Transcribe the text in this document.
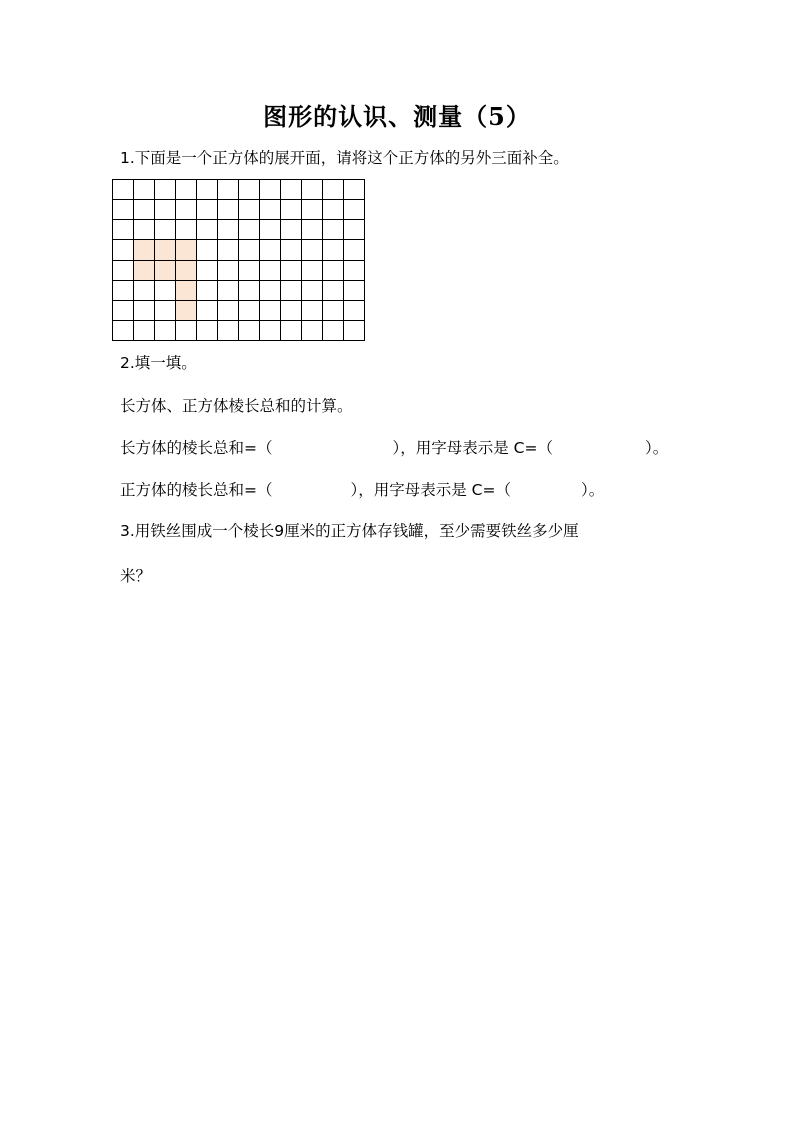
图形的认识、测量（5）
1.下面是一个正方体的展开面，请将这个正方体的另外三面补全。
2.填一填。
长方体、正方体棱长总和的计算。
长方体的棱长总和=（	），用字母表示是 C=（	）。
正方体的棱长总和=（	），用字母表示是 C=（	）。
3.用铁丝围成一个棱长9厘米的正方体存钱罐，至少需要铁丝多少厘
米？
